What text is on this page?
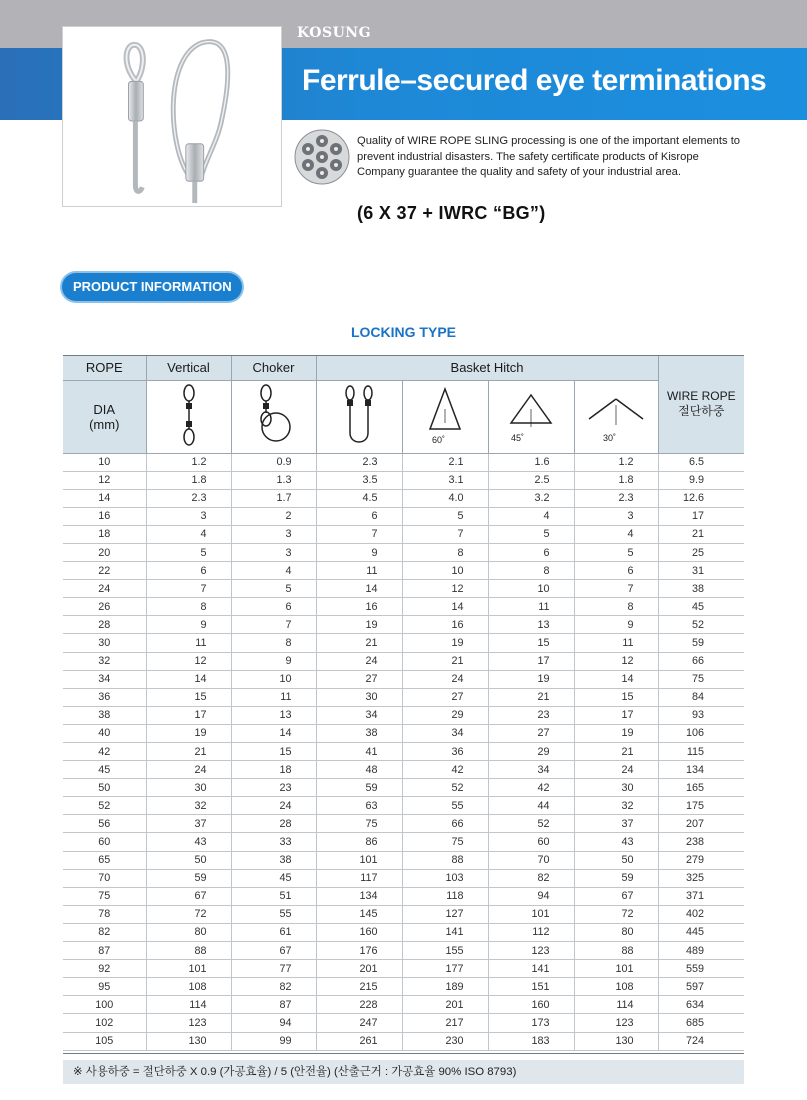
KOSUNG
Ferrule–secured eye terminations
Quality of WIRE ROPE SLING processing is one of the important elements to prevent industrial disasters. The safety certificate products of Kisrope Company guarantee the quality and safety of your industrial area.
(6 X 37 + IWRC “BG”)
PRODUCT INFORMATION
LOCKING TYPE
ROPE	Vertical	Choker	Basket Hitch				WIRE ROPE
절단하중

DIA
(mm)				60˚	45˚	30˚	

10	1.2	0.9	2.3	2.1	1.6	1.2	6.5
12	1.8	1.3	3.5	3.1	2.5	1.8	9.9
14	2.3	1.7	4.5	4.0	3.2	2.3	12.6
16	3	2	6	5	4	3	17
18	4	3	7	7	5	4	21
20	5	3	9	8	6	5	25
22	6	4	11	10	8	6	31
24	7	5	14	12	10	7	38
26	8	6	16	14	11	8	45
28	9	7	19	16	13	9	52
30	11	8	21	19	15	11	59
32	12	9	24	21	17	12	66
34	14	10	27	24	19	14	75
36	15	11	30	27	21	15	84
38	17	13	34	29	23	17	93
40	19	14	38	34	27	19	106
42	21	15	41	36	29	21	115
45	24	18	48	42	34	24	134
50	30	23	59	52	42	30	165
52	32	24	63	55	44	32	175
56	37	28	75	66	52	37	207
60	43	33	86	75	60	43	238
65	50	38	101	88	70	50	279
70	59	45	117	103	82	59	325
75	67	51	134	118	94	67	371
78	72	55	145	127	101	72	402
82	80	61	160	141	112	80	445
87	88	67	176	155	123	88	489
92	101	77	201	177	141	101	559
95	108	82	215	189	151	108	597
100	114	87	228	201	160	114	634
102	123	94	247	217	173	123	685
105	130	99	261	230	183	130	724
※ 사용하중 = 절단하중 X 0.9 (가공효율) / 5 (안전율) (산출근거 : 가공효율 90% ISO 8793)
